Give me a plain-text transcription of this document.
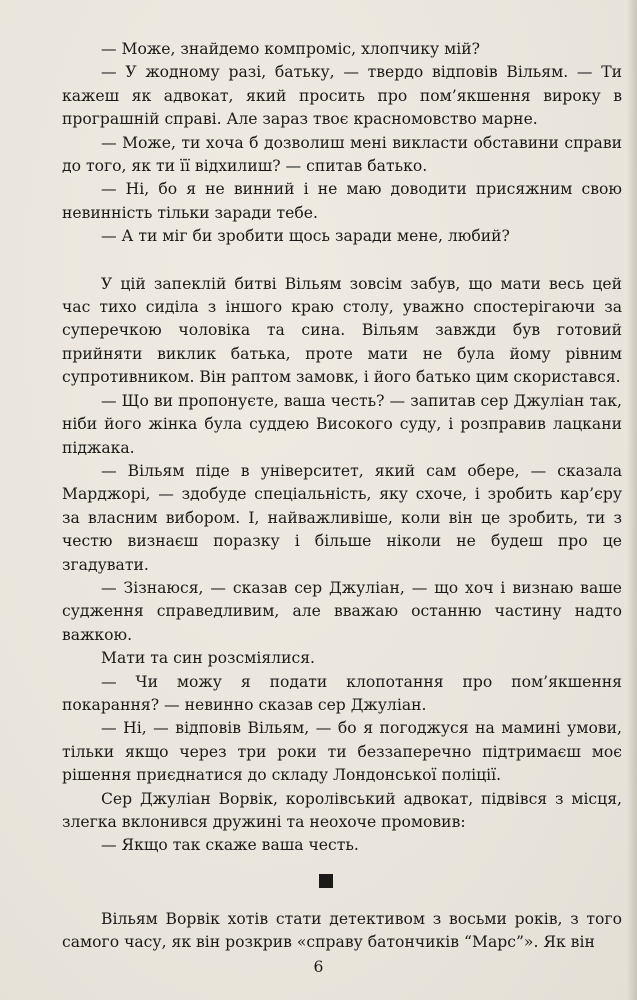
— Може, знайдемо компроміс, хлопчику мій?

— У жодному разі, батьку, — твердо відповів Вільям. — Ти кажеш як адвокат, який просить про пом’якшення вироку в програшній справі. Але зараз твоє красномовство марне.

— Може, ти хоча б дозволиш мені викласти обставини справи до того, як ти її відхилиш? — спитав батько.

— Ні, бо я не винний і не маю доводити присяжним свою невинність тільки заради тебе.

— А ти міг би зробити щось заради мене, любий?

У цій запеклій битві Вільям зовсім забув, що мати весь цей час тихо сиділа з іншого краю столу, уважно спостерігаючи за суперечкою чоловіка та сина. Вільям завжди був готовий прийняти виклик батька, проте мати не була йому рівним супротивником. Він раптом замовк, і його батько цим скористався.

— Що ви пропонуєте, ваша честь? — запитав сер Джуліан так, ніби його жінка була суддею Високого суду, і розправив лацкани піджака.

— Вільям піде в університет, який сам обере, — сказала Марджорі, — здобуде спеціальність, яку схоче, і зробить кар’єру за власним вибором. І, найважливіше, коли він це зробить, ти з честю визнаєш поразку і більше ніколи не будеш про це згадувати.

— Зізнаюся, — сказав сер Джуліан, — що хоч і визнаю ваше судження справедливим, але вважаю останню частину надто важкою.

Мати та син розсміялися.

— Чи можу я подати клопотання про пом’якшення покарання? — невинно сказав сер Джуліан.

— Ні, — відповів Вільям, — бо я погоджуся на мамині умови, тільки якщо через три роки ти беззаперечно підтримаєш моє рішення приєднатися до складу Лондонської поліції.

Сер Джуліан Ворвік, королівський адвокат, підвівся з місця, злегка вклонився дружині та неохоче промовив:

— Якщо так скаже ваша честь.

Вільям Ворвік хотів стати детективом з восьми років, з того самого часу, як він розкрив «справу батончиків “Марс”». Як він

6
